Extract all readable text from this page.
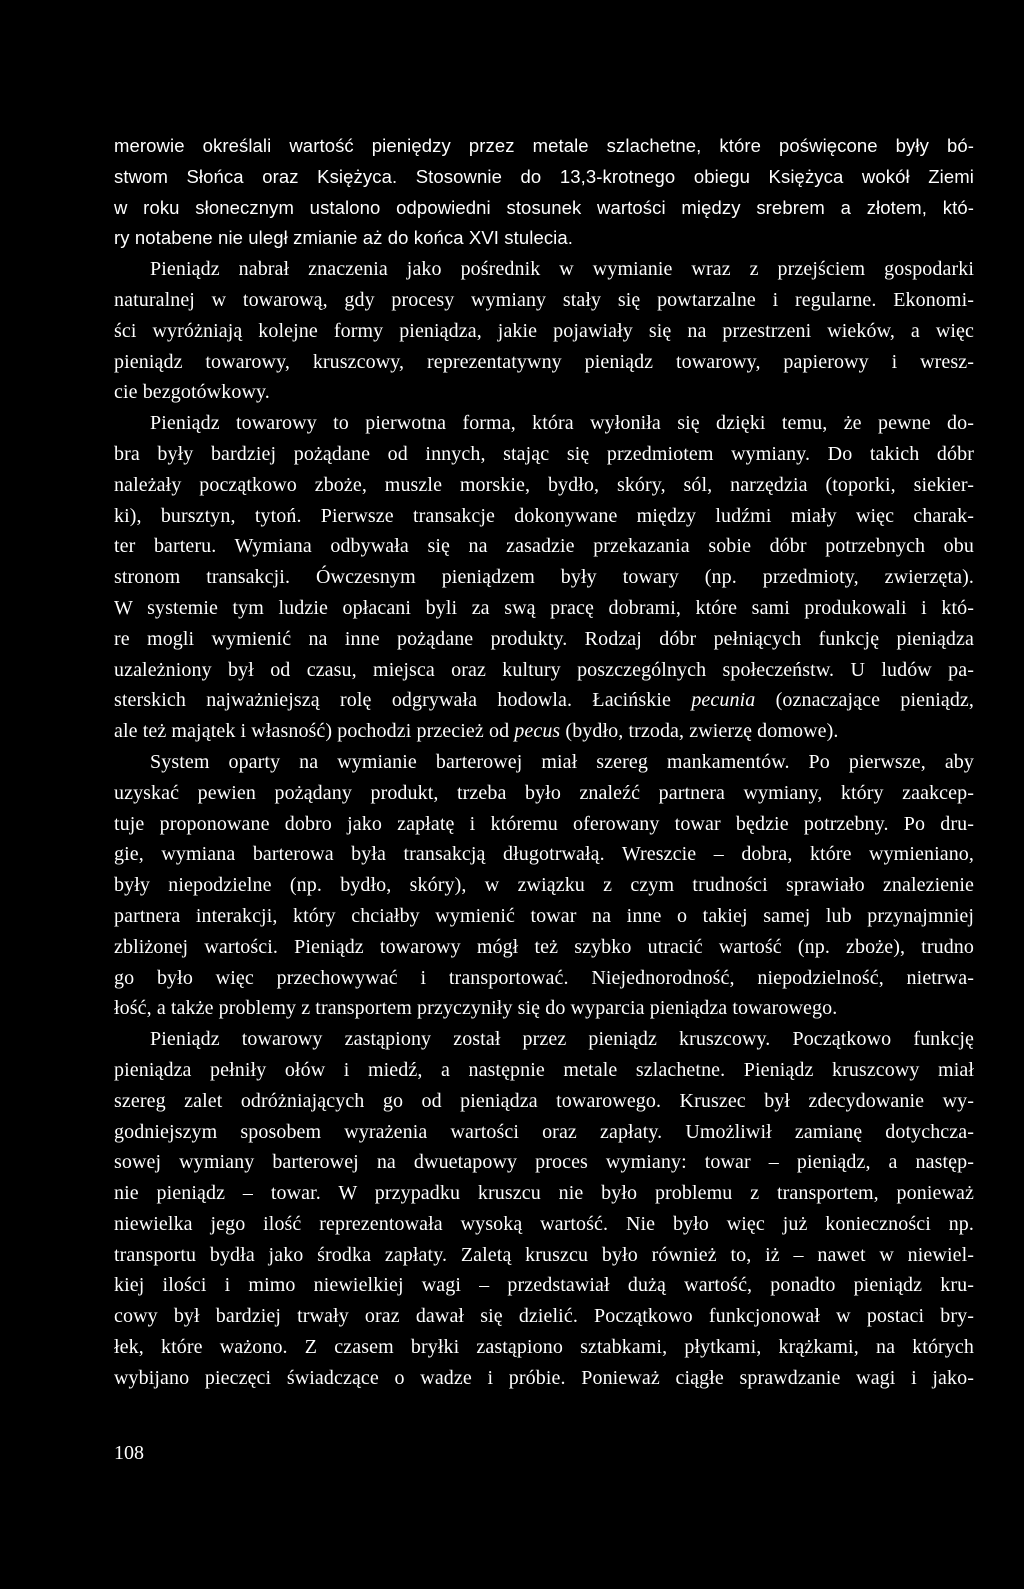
merowie określali wartość pieniędzy przez metale szlachetne, które poświęcone były bó-
stwom Słońca oraz Księżyca. Stosownie do 13,3-krotnego obiegu Księżyca wokół Ziemi
w roku słonecznym ustalono odpowiedni stosunek wartości między srebrem a złotem, któ-
ry notabene nie uległ zmianie aż do końca XVI stulecia.
Pieniądz nabrał znaczenia jako pośrednik w wymianie wraz z przejściem gospodarki
naturalnej w towarową, gdy procesy wymiany stały się powtarzalne i regularne. Ekonomi-
ści wyróżniają kolejne formy pieniądza, jakie pojawiały się na przestrzeni wieków, a więc
pieniądz towarowy, kruszcowy, reprezentatywny pieniądz towarowy, papierowy i wresz-
cie bezgotówkowy.
Pieniądz towarowy to pierwotna forma, która wyłoniła się dzięki temu, że pewne do-
bra były bardziej pożądane od innych, stając się przedmiotem wymiany. Do takich dóbr
należały początkowo zboże, muszle morskie, bydło, skóry, sól, narzędzia (toporki, siekier-
ki), bursztyn, tytoń. Pierwsze transakcje dokonywane między ludźmi miały więc charak-
ter barteru. Wymiana odbywała się na zasadzie przekazania sobie dóbr potrzebnych obu
stronom transakcji. Ówczesnym pieniądzem były towary (np. przedmioty, zwierzęta).
W systemie tym ludzie opłacani byli za swą pracę dobrami, które sami produkowali i któ-
re mogli wymienić na inne pożądane produkty. Rodzaj dóbr pełniących funkcję pieniądza
uzależniony był od czasu, miejsca oraz kultury poszczególnych społeczeństw. U ludów pa-
sterskich najważniejszą rolę odgrywała hodowla. Łacińskie pecunia (oznaczające pieniądz,
ale też majątek i własność) pochodzi przecież od pecus (bydło, trzoda, zwierzę domowe).
System oparty na wymianie barterowej miał szereg mankamentów. Po pierwsze, aby
uzyskać pewien pożądany produkt, trzeba było znaleźć partnera wymiany, który zaakcep-
tuje proponowane dobro jako zapłatę i któremu oferowany towar będzie potrzebny. Po dru-
gie, wymiana barterowa była transakcją długotrwałą. Wreszcie – dobra, które wymieniano,
były niepodzielne (np. bydło, skóry), w związku z czym trudności sprawiało znalezienie
partnera interakcji, który chciałby wymienić towar na inne o takiej samej lub przynajmniej
zbliżonej wartości. Pieniądz towarowy mógł też szybko utracić wartość (np. zboże), trudno
go było więc przechowywać i transportować. Niejednorodność, niepodzielność, nietrwa-
łość, a także problemy z transportem przyczyniły się do wyparcia pieniądza towarowego.
Pieniądz towarowy zastąpiony został przez pieniądz kruszcowy. Początkowo funkcję
pieniądza pełniły ołów i miedź, a następnie metale szlachetne. Pieniądz kruszcowy miał
szereg zalet odróżniających go od pieniądza towarowego. Kruszec był zdecydowanie wy-
godniejszym sposobem wyrażenia wartości oraz zapłaty. Umożliwił zamianę dotychcza-
sowej wymiany barterowej na dwuetapowy proces wymiany: towar – pieniądz, a następ-
nie pieniądz – towar. W przypadku kruszcu nie było problemu z transportem, ponieważ
niewielka jego ilość reprezentowała wysoką wartość. Nie było więc już konieczności np.
transportu bydła jako środka zapłaty. Zaletą kruszcu było również to, iż – nawet w niewiel-
kiej ilości i mimo niewielkiej wagi – przedstawiał dużą wartość, ponadto pieniądz kru-
cowy był bardziej trwały oraz dawał się dzielić. Początkowo funkcjonował w postaci bry-
łek, które ważono. Z czasem bryłki zastąpiono sztabkami, płytkami, krążkami, na których
wybijano pieczęci świadczące o wadze i próbie. Ponieważ ciągłe sprawdzanie wagi i jako-
108
